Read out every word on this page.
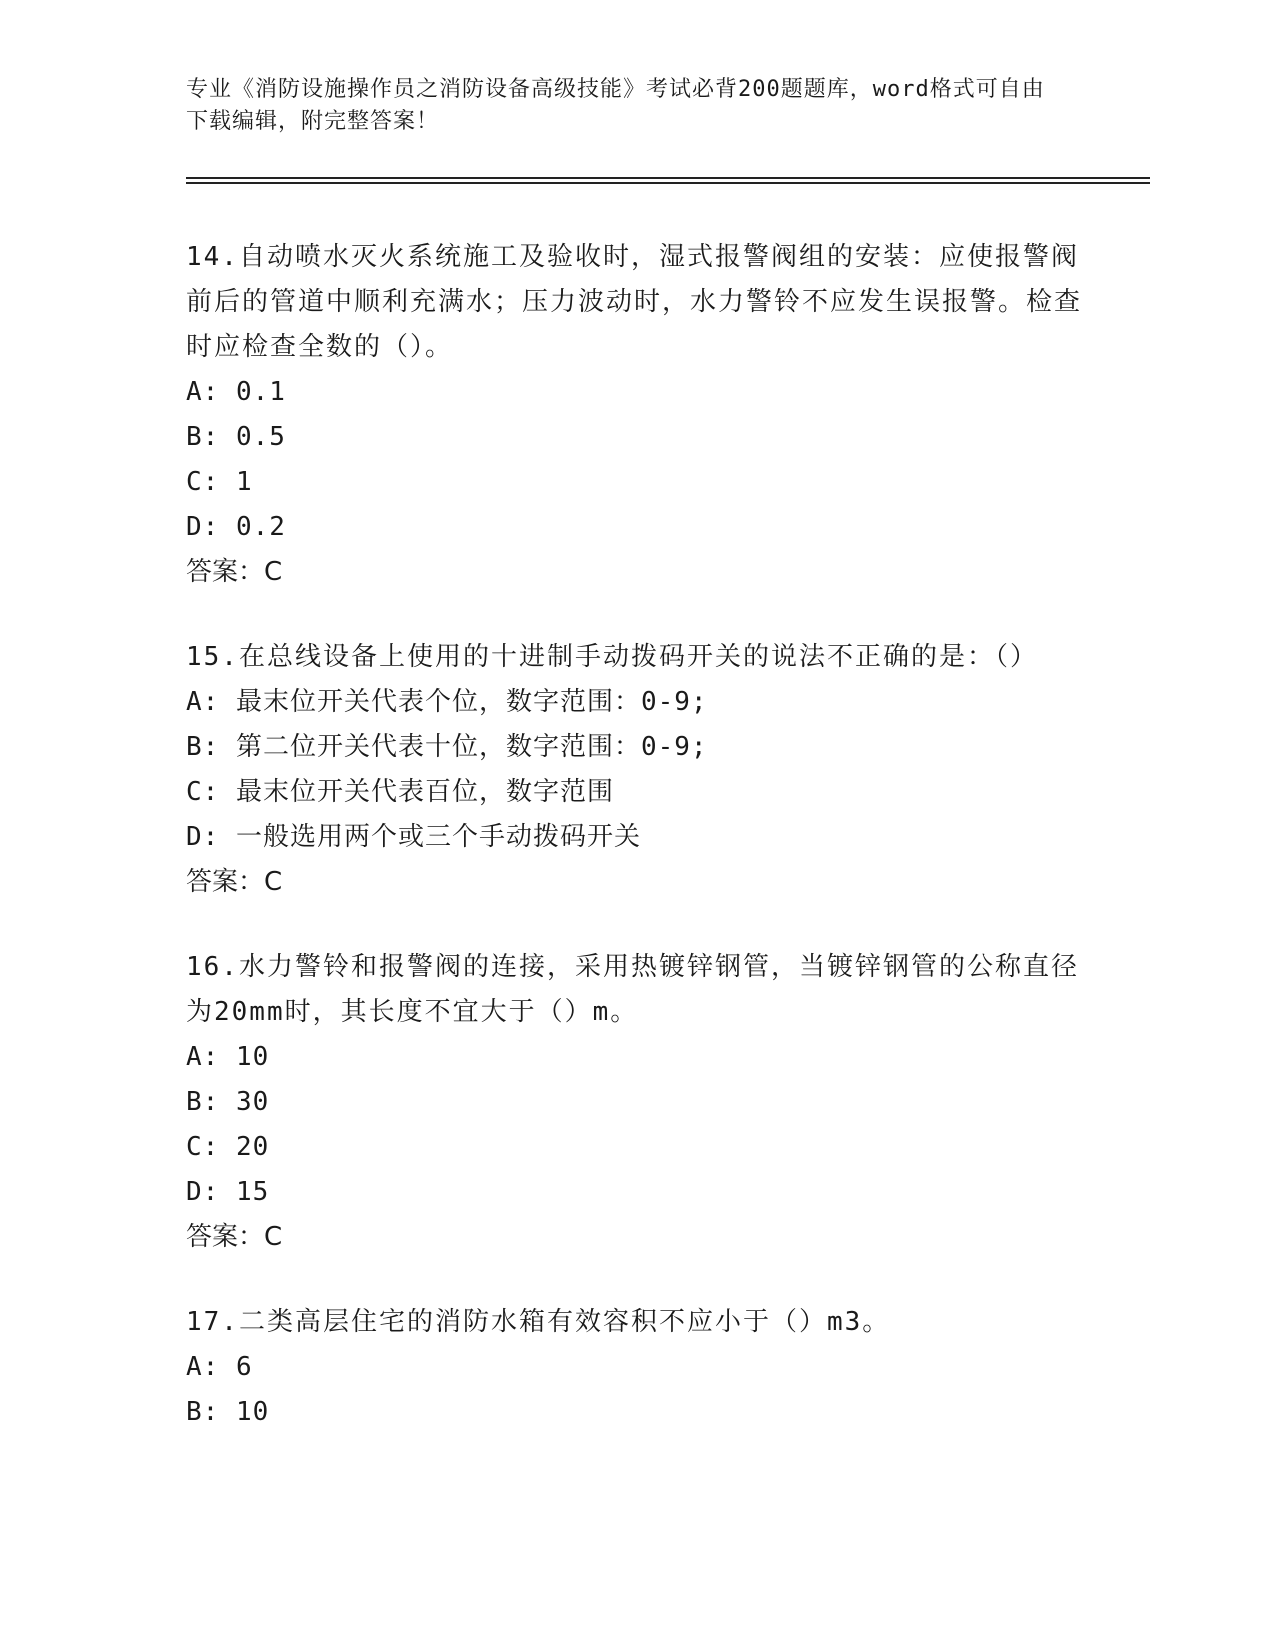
专业《消防设施操作员之消防设备高级技能》考试必背200题题库，word格式可自由下载编辑，附完整答案！
14.自动喷水灭火系统施工及验收时，湿式报警阀组的安装：应使报警阀前后的管道中顺利充满水；压力波动时，水力警铃不应发生误报警。检查时应检查全数的（）。
A: 0.1
B: 0.5
C: 1
D: 0.2
答案：C
15.在总线设备上使用的十进制手动拨码开关的说法不正确的是：（）
A: 最末位开关代表个位，数字范围：0-9;
B: 第二位开关代表十位，数字范围：0-9;
C: 最末位开关代表百位，数字范围
D: 一般选用两个或三个手动拨码开关
答案：C
16.水力警铃和报警阀的连接，采用热镀锌钢管，当镀锌钢管的公称直径为20mm时，其长度不宜大于（）m。
A: 10
B: 30
C: 20
D: 15
答案：C
17.二类高层住宅的消防水箱有效容积不应小于（）m3。
A: 6
B: 10
